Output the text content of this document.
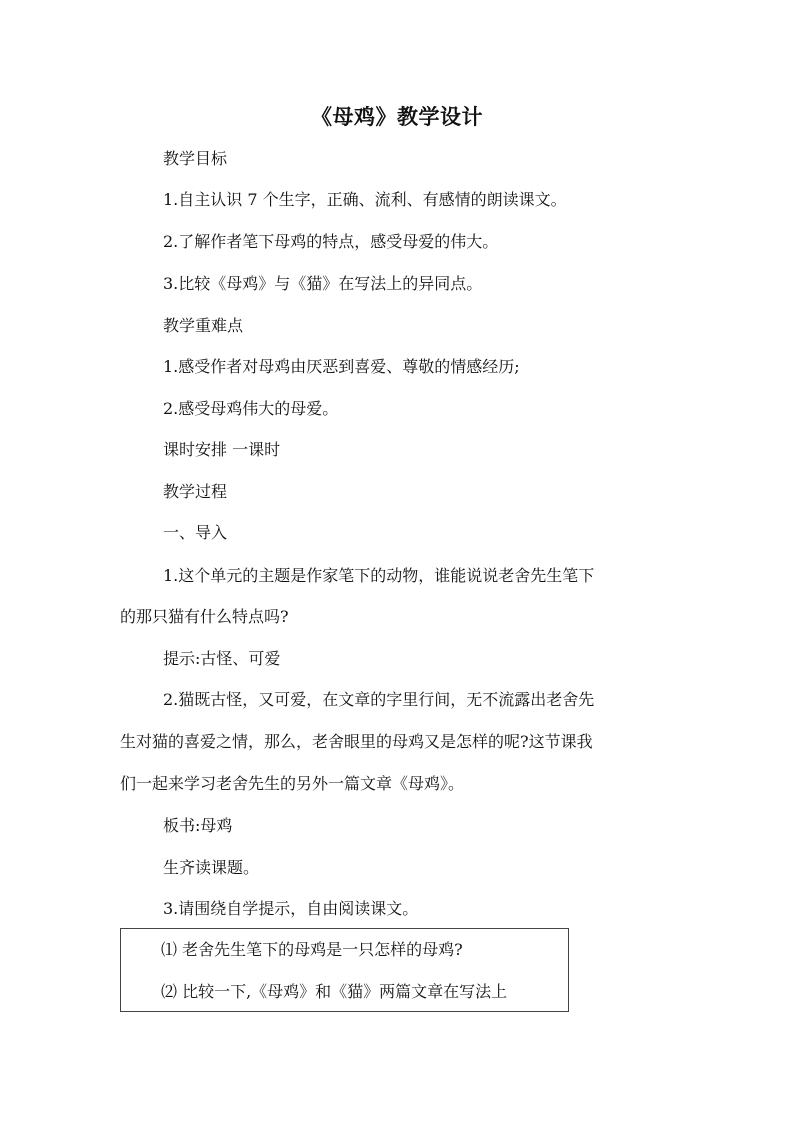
《母鸡》教学设计
教学目标
1.自主认识 7 个生字，正确、流利、有感情的朗读课文。
2.了解作者笔下母鸡的特点，感受母爱的伟大。
3.比较《母鸡》与《猫》在写法上的异同点。
教学重难点
1.感受作者对母鸡由厌恶到喜爱、尊敬的情感经历;
2.感受母鸡伟大的母爱。
课时安排 一课时
教学过程
一、导入
1.这个单元的主题是作家笔下的动物，谁能说说老舍先生笔下
的那只猫有什么特点吗?
提示:古怪、可爱
2.猫既古怪，又可爱，在文章的字里行间，无不流露出老舍先
生对猫的喜爱之情，那么，老舍眼里的母鸡又是怎样的呢?这节课我
们一起来学习老舍先生的另外一篇文章《母鸡》。
板书:母鸡
生齐读课题。
3.请围绕自学提示，自由阅读课文。
⑴ 老舍先生笔下的母鸡是一只怎样的母鸡?
⑵ 比较一下,《母鸡》和《猫》两篇文章在写法上
